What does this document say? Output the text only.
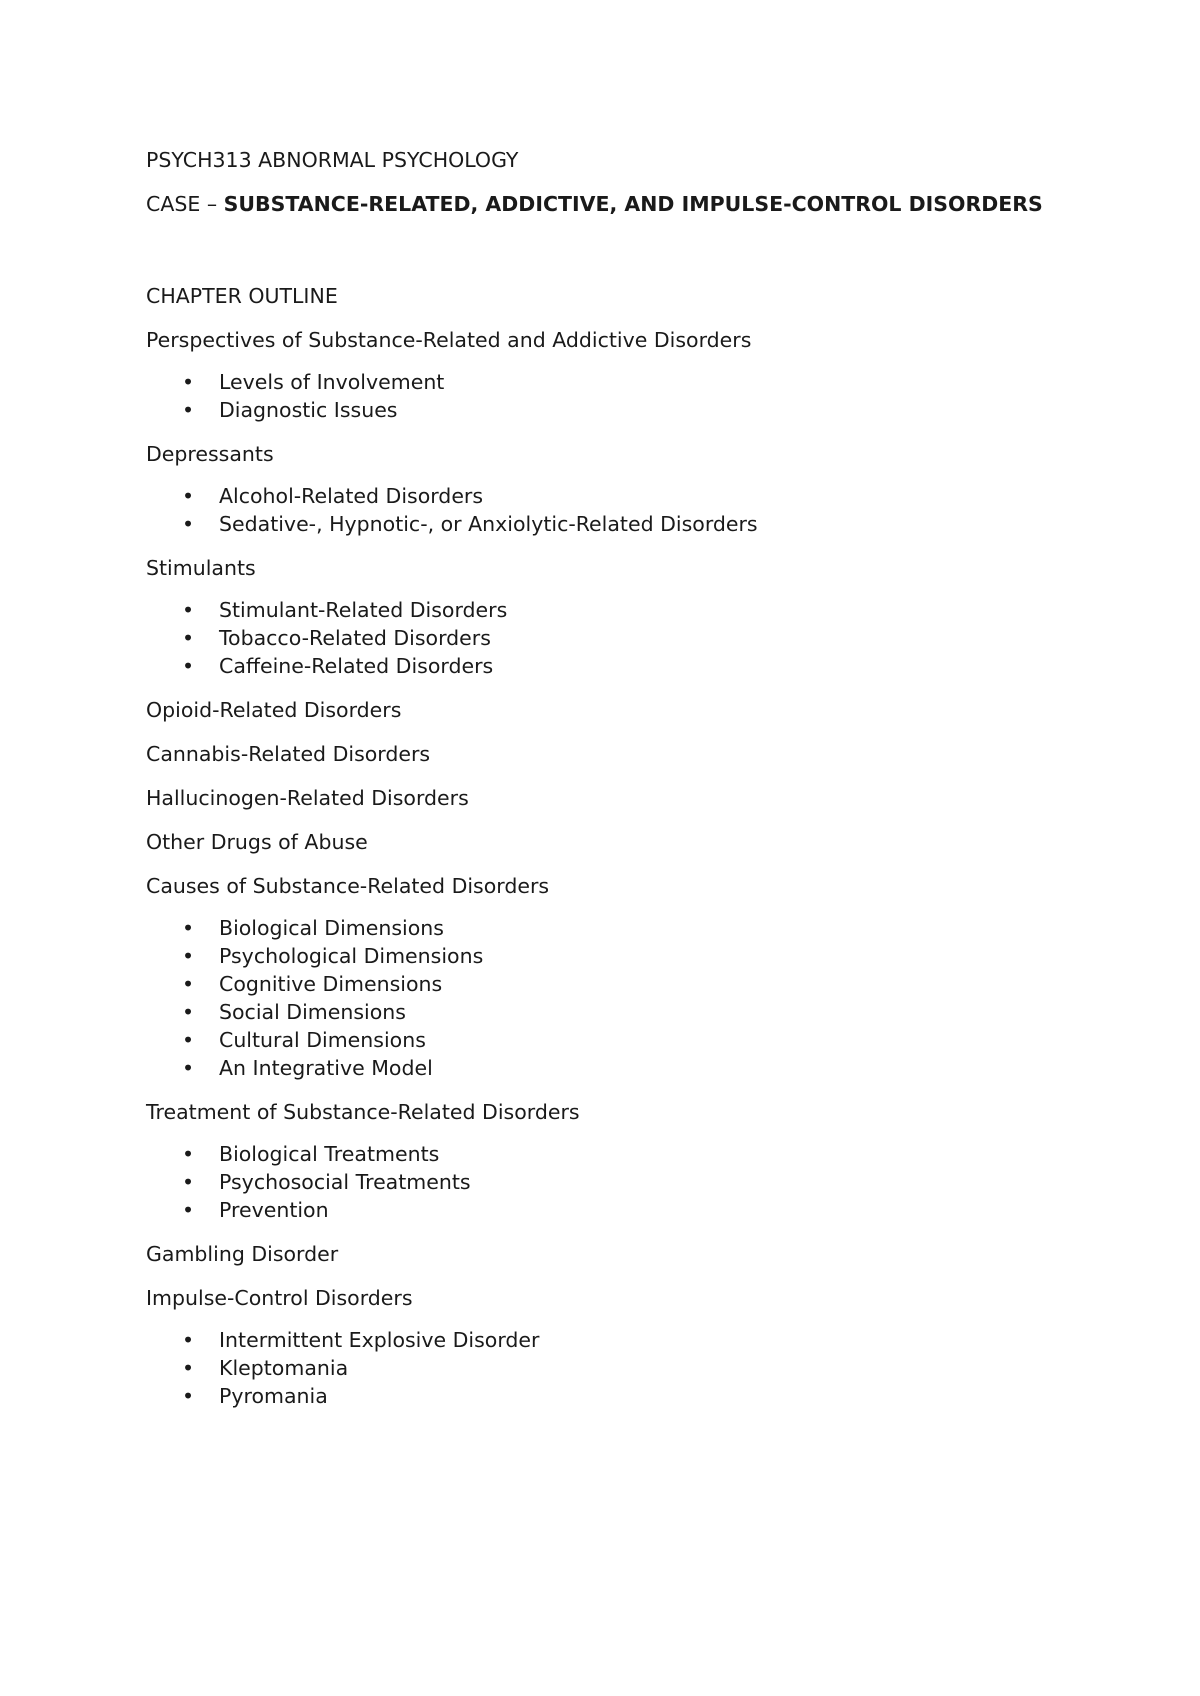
PSYCH313 ABNORMAL PSYCHOLOGY
CASE – SUBSTANCE-RELATED, ADDICTIVE, AND IMPULSE-CONTROL DISORDERS
CHAPTER OUTLINE
Perspectives of Substance-Related and Addictive Disorders
• Levels of Involvement
• Diagnostic Issues
Depressants
• Alcohol-Related Disorders
• Sedative-, Hypnotic-, or Anxiolytic-Related Disorders
Stimulants
• Stimulant-Related Disorders
• Tobacco-Related Disorders
• Caffeine-Related Disorders
Opioid-Related Disorders
Cannabis-Related Disorders
Hallucinogen-Related Disorders
Other Drugs of Abuse
Causes of Substance-Related Disorders
• Biological Dimensions
• Psychological Dimensions
• Cognitive Dimensions
• Social Dimensions
• Cultural Dimensions
• An Integrative Model
Treatment of Substance-Related Disorders
• Biological Treatments
• Psychosocial Treatments
• Prevention
Gambling Disorder
Impulse-Control Disorders
• Intermittent Explosive Disorder
• Kleptomania
• Pyromania
